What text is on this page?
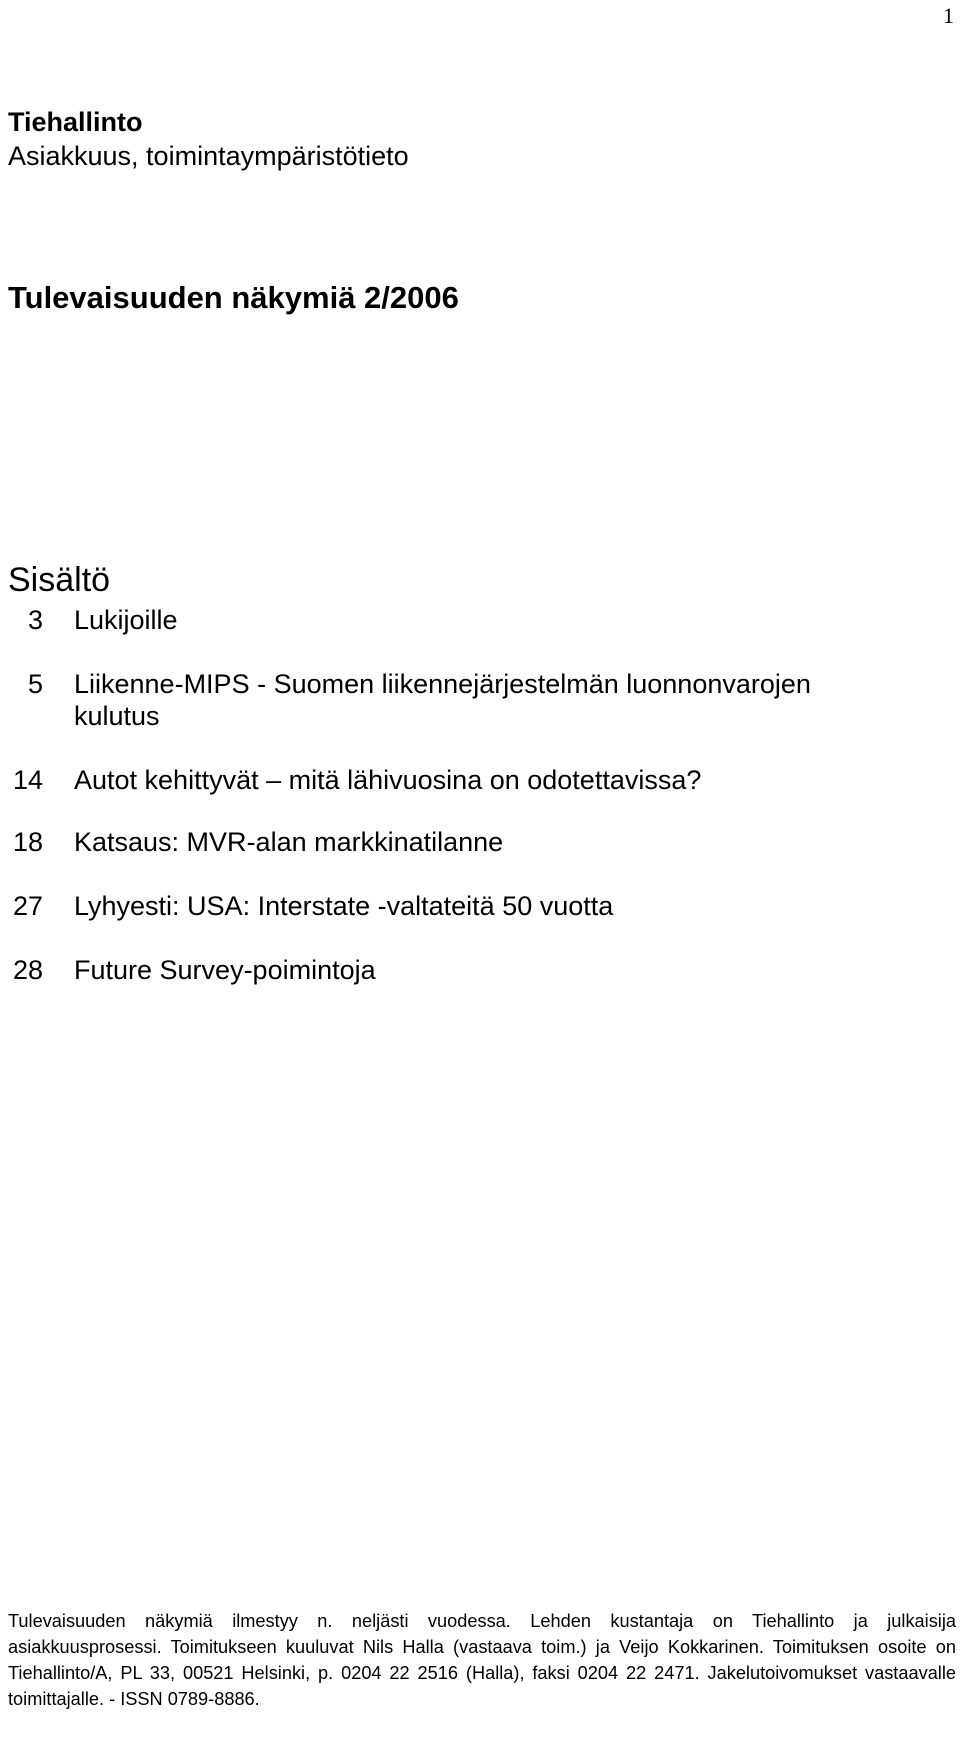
1
Tiehallinto
Asiakkuus, toimintaympäristötieto
Tulevaisuuden näkymiä 2/2006
Sisältö
3 Lukijoille
5 Liikenne-MIPS - Suomen liikennejärjestelmän luonnonvarojen kulutus
14 Autot kehittyvät – mitä lähivuosina on odotettavissa?
18 Katsaus: MVR-alan markkinatilanne
27 Lyhyesti: USA: Interstate -valtateitä 50 vuotta
28 Future Survey-poimintoja
Tulevaisuuden näkymiä ilmestyy n. neljästi vuodessa. Lehden kustantaja on Tiehallinto ja julkaisija asiakkuusprosessi. Toimitukseen kuuluvat Nils Halla (vastaava toim.) ja Veijo Kokkarinen. Toimituksen osoite on Tiehallinto/A, PL 33, 00521 Helsinki, p. 0204 22 2516 (Halla), faksi 0204 22 2471. Jakelutoivomukset vastaavalle toimittajalle. - ISSN 0789-8886.
